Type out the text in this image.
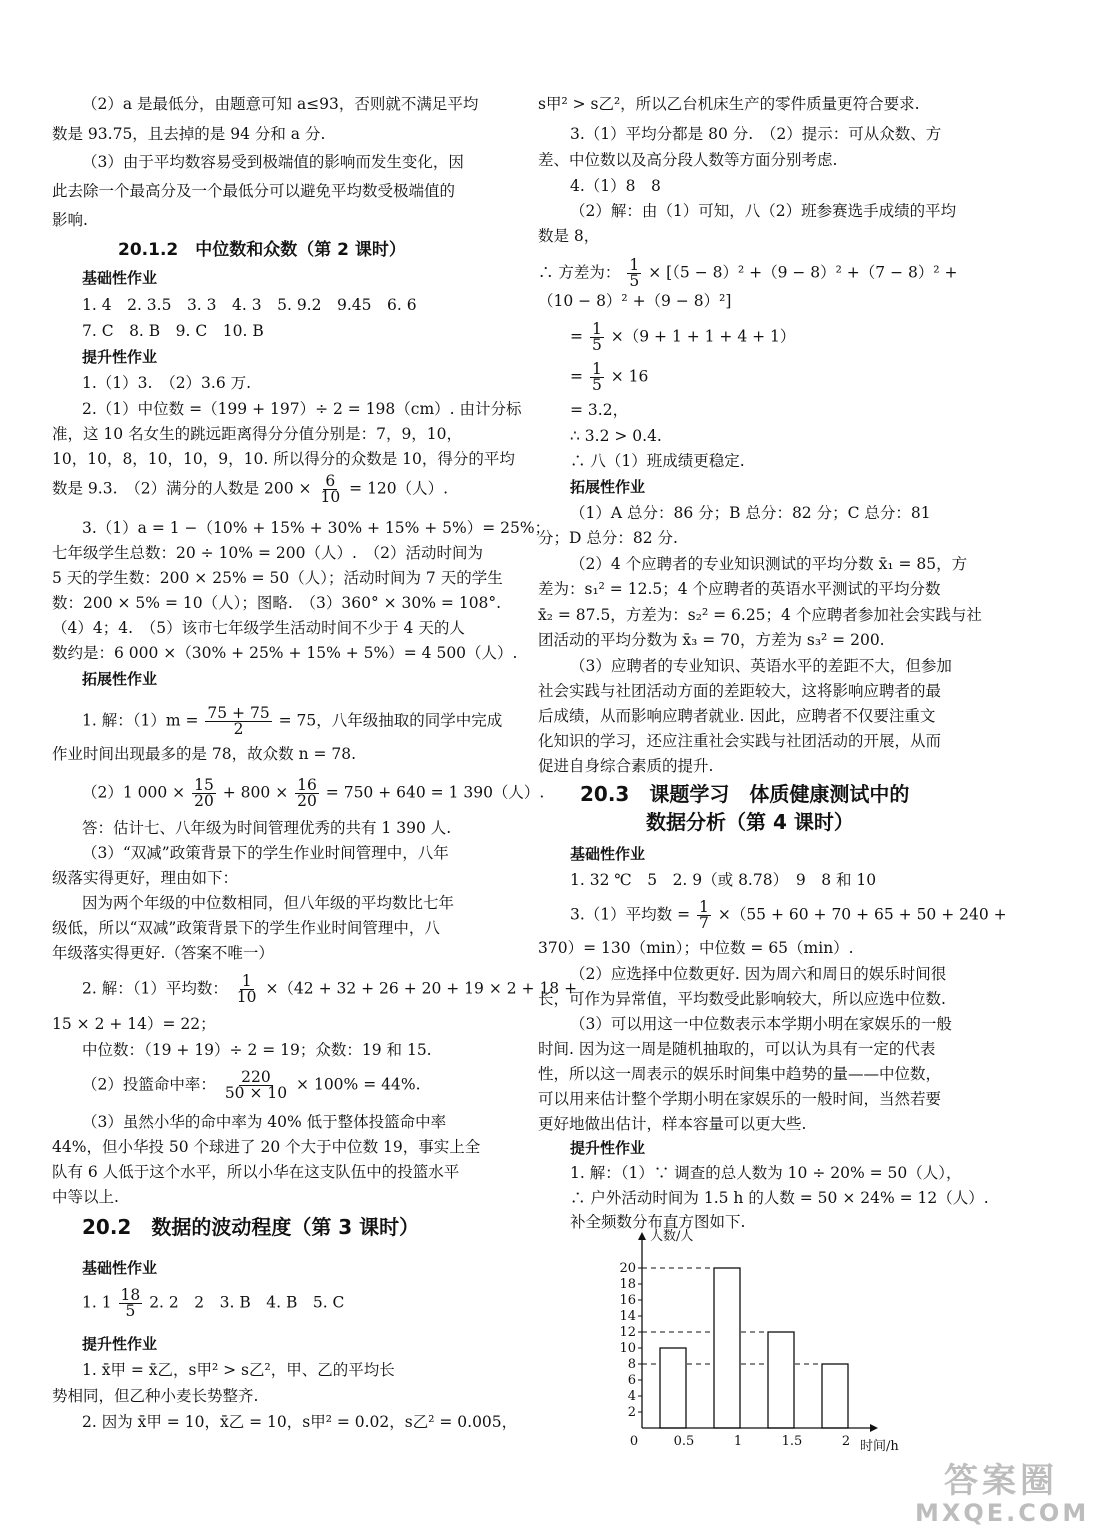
（2）a 是最低分，由题意可知 a≤93，否则就不满足平均
数是 93.75，且去掉的是 94 分和 a 分.
（3）由于平均数容易受到极端值的影响而发生变化，因
此去除一个最高分及一个最低分可以避免平均数受极端值的
影响.
20.1.2　中位数和众数（第 2 课时）
基础性作业
1. 4　2. 3.5　3. 3　4. 3　5. 9.2　9.45　6. 6
7. C　8. B　9. C　10. B
提升性作业
1.（1）3.　（2）3.6 万.
2.（1）中位数 =（199 + 197）÷ 2 = 198（cm）. 由计分标
准，这 10 名女生的跳远距离得分分值分别是：7，9，10，
10，10，8，10，10，9，10. 所以得分的众数是 10，得分的平均
数是 9.3.　（2）满分的人数是 $200 \times \frac{6}{10} = 120$（人）.
3.（1）a = 1 −（10% + 15% + 30% + 15% + 5%）= 25%；
七年级学生总数：20 ÷ 10% = 200（人）.　（2）活动时间为
5 天的学生数：200 × 25% = 50（人）；活动时间为 7 天的学生
数：200 × 5% = 10（人）；图略.　（3）360° × 30% = 108°.
（4）4；4.　（5）该市七年级学生活动时间不少于 4 天的人
数约是：6 000 ×（30% + 25% + 15% + 5%）= 4 500（人）.
拓展性作业
1. 解：$(1)m = \frac{75 + 75}{2} = 75$，八年级抽取的同学中完成
作业时间出现最多的是 78，故众数 n = 78.
（2）1 $000 \times \frac{15}{20} + 800 \times \frac{16}{20} = 750 + 640 = 1$ 390（人）.
答：估计七、八年级为时间管理优秀的共有 1 390 人.
（3）“双减”政策背景下的学生作业时间管理中，八年
级落实得更好，理由如下：
因为两个年级的中位数相同，但八年级的平均数比七年
级低，所以“双减”政策背景下的学生作业时间管理中，八
年级落实得更好.（答案不唯一）
2. 解：（1）平均数： $\frac{1}{10} \times(42 + 32 + 26 + 20 + 19 \times 2 + 18$ +
15 × 2 + 14）= 22；
中位数：（19 + 19）÷ 2 = 19；众数：19 和 15.
（2）投篮命中率： $\frac{220}{50 \times 10} \times 100\% = 44\%$.
（3）虽然小华的命中率为 40% 低于整体投篮命中率
44%，但小华投 50 个球进了 20 个大于中位数 19，事实上全
队有 6 人低于这个水平，所以小华在这支队伍中的投篮水平
中等以上.
20.2　数据的波动程度（第 3 课时）
基础性作业
1. $1 \frac{18}{5} 2$. 2　2　3. B　4. B　5. C
提升性作业
1. x̄甲 = x̄乙，s甲² > s乙²，甲、乙的平均长
势相同，但乙种小麦长势整齐.
2. 因为 x̄甲 = 10，x̄乙 = 10，s甲² = 0.02，s乙² = 0.005，
s甲² > s乙²，所以乙台机床生产的零件质量更符合要求.
3.（1）平均分都是 80 分.　（2）提示：可从众数、方
差、中位数以及高分段人数等方面分别考虑.
4.（1）8　8
（2）解：由（1）可知，八（2）班参赛选手成绩的平均
数是 8，
∴ 方差为： $\frac{1}{5} \times [(5 - 8)^2 +(9 - 8)^2 +(7 - 8)^2$ +
（10 − 8）² +（9 − 8）²]
= $\frac{1}{5} \times(9 + 1 + 1 + 4 + 1)$
= $\frac{1}{5} \times 16$
= 3.2，
∴ 3.2 > 0.4.
∴ 八（1）班成绩更稳定.
拓展性作业
（1）A 总分：86 分；B 总分：82 分；C 总分：81
分；D 总分：82 分.
（2）4 个应聘者的专业知识测试的平均分数 x̄₁ = 85，方
差为：s₁² = 12.5；4 个应聘者的英语水平测试的平均分数
x̄₂ = 87.5，方差为：s₂² = 6.25；4 个应聘者参加社会实践与社
团活动的平均分数为 x̄₃ = 70，方差为 s₃² = 200.
（3）应聘者的专业知识、英语水平的差距不大，但参加
社会实践与社团活动方面的差距较大，这将影响应聘者的最
后成绩，从而影响应聘者就业. 因此，应聘者不仅要注重文
化知识的学习，还应注重社会实践与社团活动的开展，从而
促进自身综合素质的提升.
20.3　课题学习　体质健康测试中的
数据分析（第 4 课时）
基础性作业
1. 32 ℃　5　2. 9（或 8.78）　9　8 和 10
3.（1）平均数 = $\frac{1}{7} \times(55 + 60 + 70 + 65 + 50 + 240$ +
370）= 130（min）；中位数 = 65（min）.
（2）应选择中位数更好. 因为周六和周日的娱乐时间很
长，可作为异常值，平均数受此影响较大，所以应选中位数.
（3）可以用这一中位数表示本学期小明在家娱乐的一般
时间. 因为这一周是随机抽取的，可以认为具有一定的代表
性，所以这一周表示的娱乐时间集中趋势的量——中位数，
可以用来估计整个学期小明在家娱乐的一般时间，当然若要
更好地做出估计，样本容量可以更大些.
提升性作业
1. 解：（1）∵ 调查的总人数为 10 ÷ 20% = 50（人），
∴ 户外活动时间为 1.5 h 的人数 = 50 × 24% = 12（人）.
补全频数分布直方图如下.
2
4
6
8
10
12
14
16
18
20
0.5	1	1.5	2
0
人数/人
时间/h
答案圈
MXQE.COM
